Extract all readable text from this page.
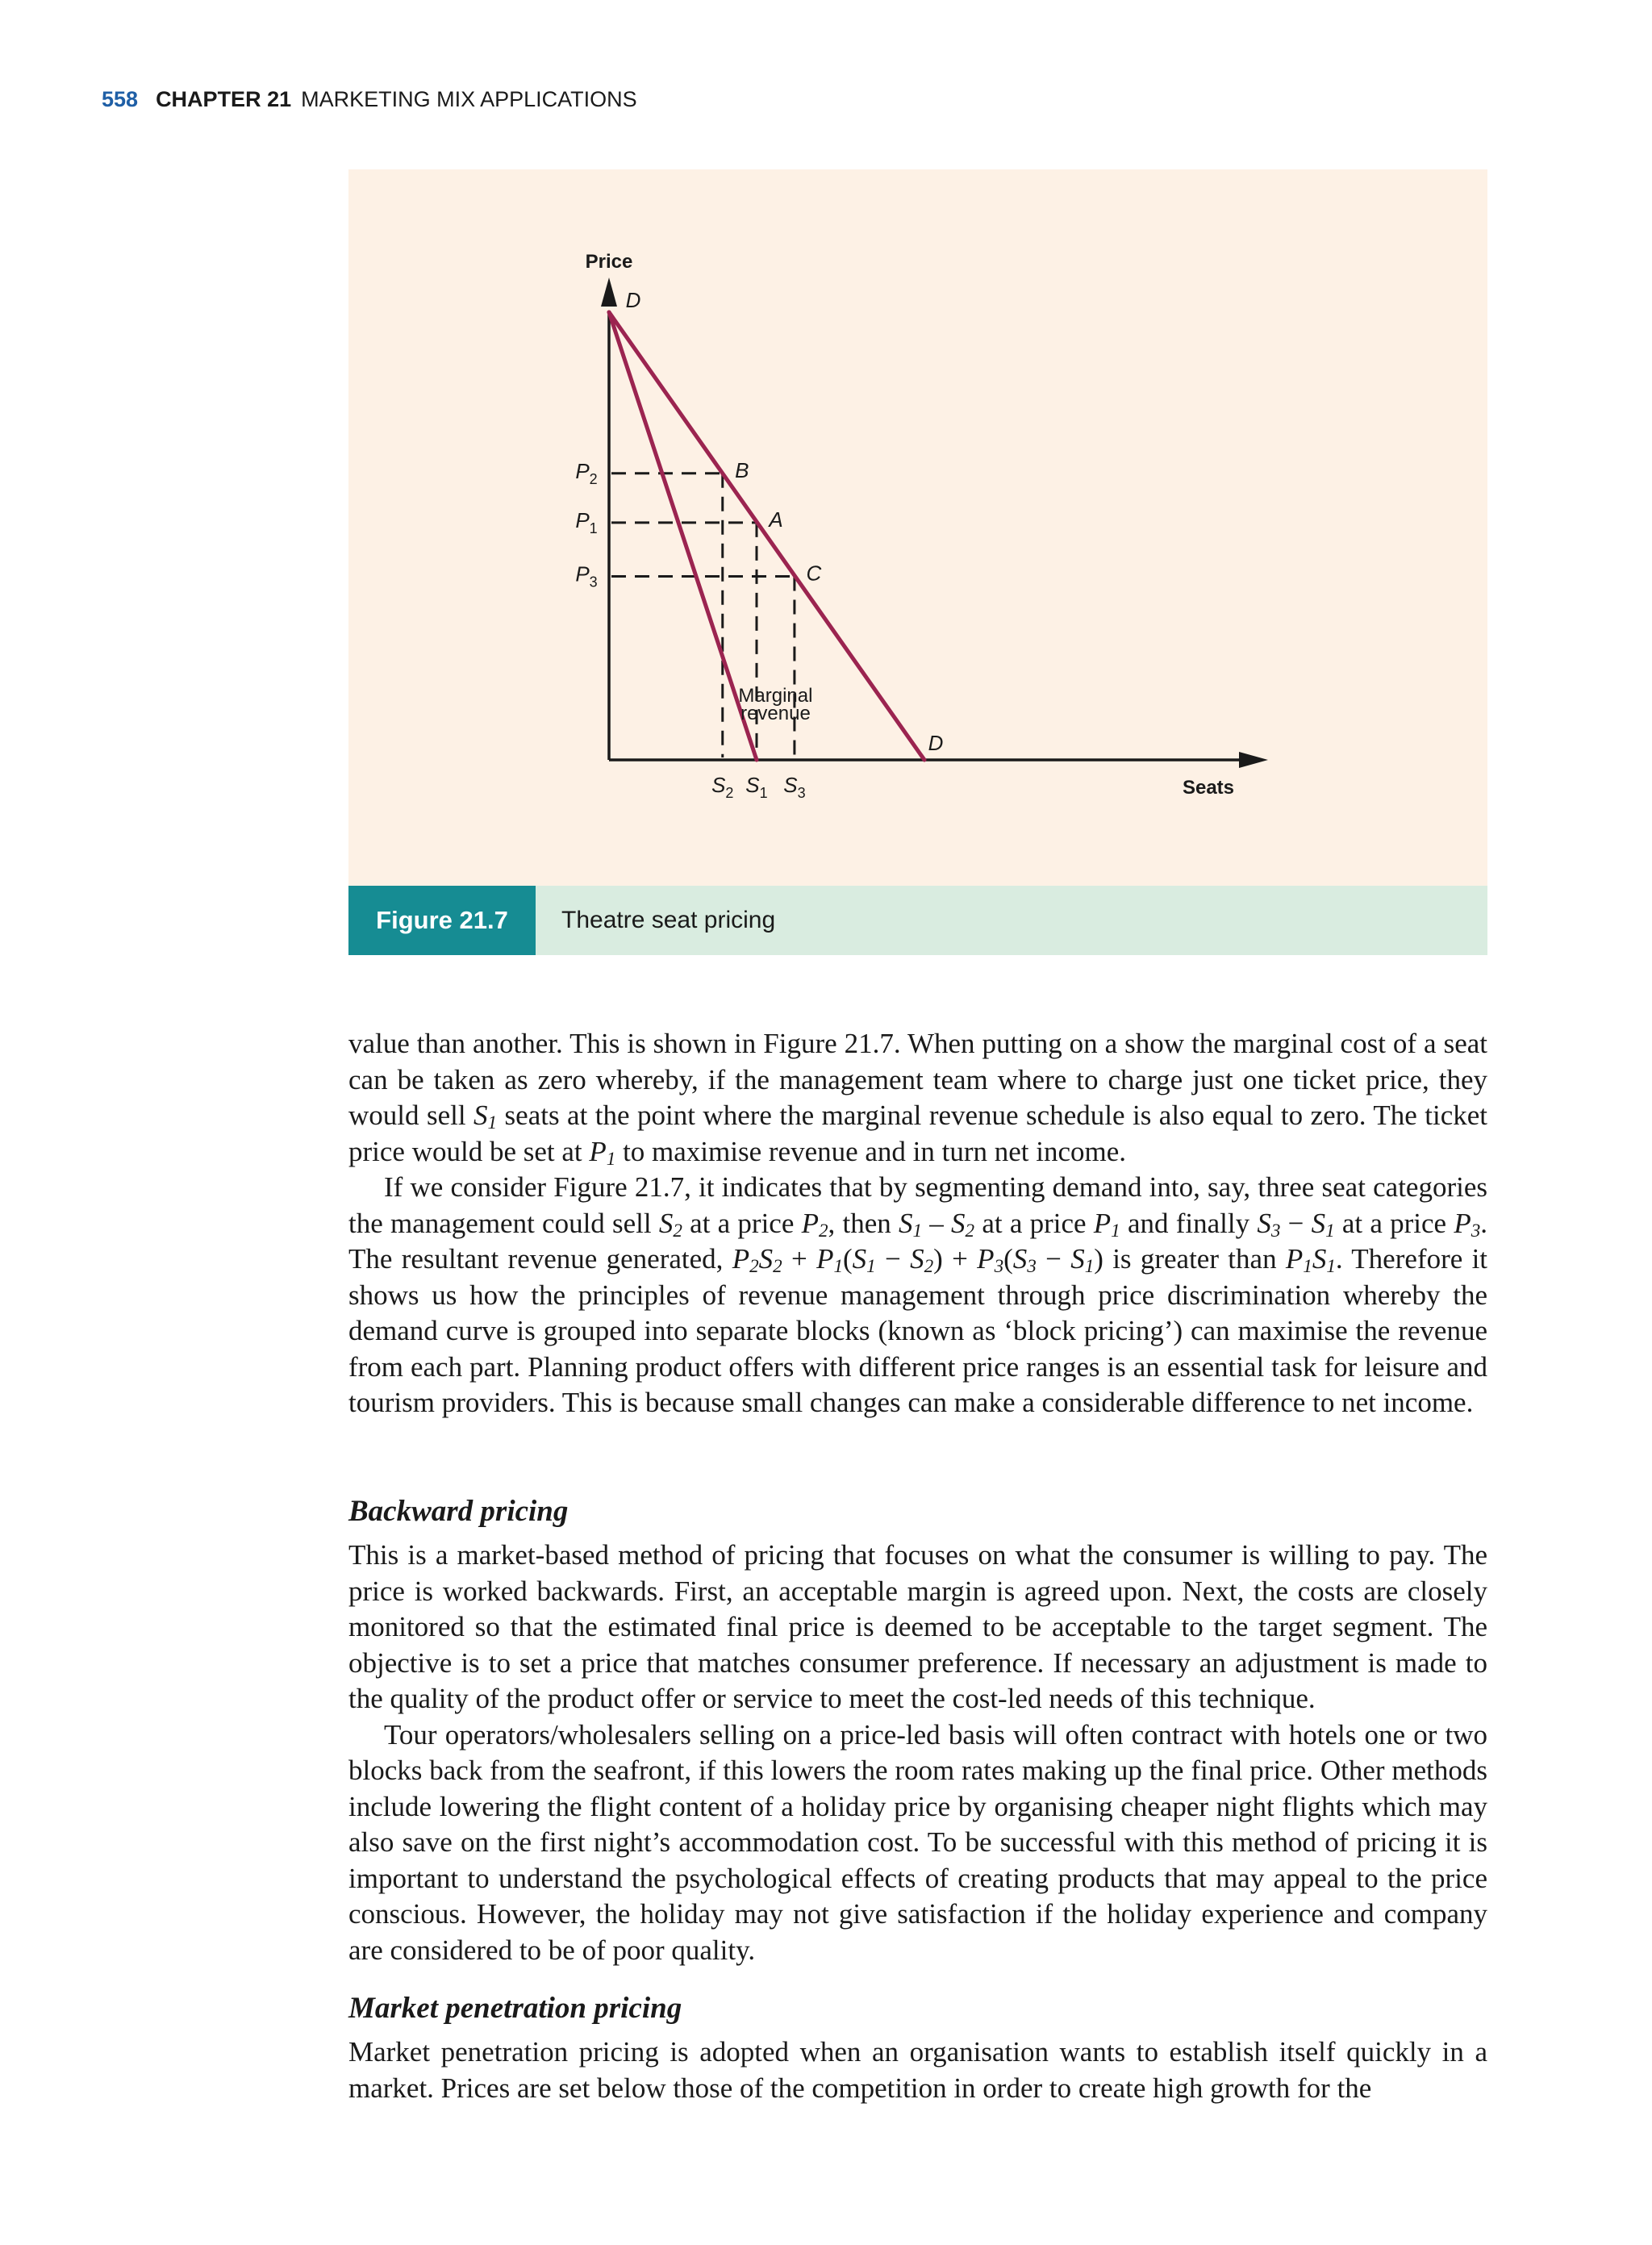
558 CHAPTER 21 MARKETING MIX APPLICATIONS
Price
Seats
D
D
Marginal
revenue
B
$P_2$
$S_2$
A
$P_1$
$S_1$
C
$P_3$
$S_3$
Figure 21.7	Theatre seat pricing

value than another. This is shown in Figure 21.7. When putting on a show the marginal cost of a seat can be taken as zero whereby, if the management team where to charge just one ticket price, they would sell $S_1$ seats at the point where the marginal revenue schedule is also equal to zero. The ticket price would be set at $P_1$ to maximise revenue and in turn net income.

If we consider Figure 21.7, it indicates that by segmenting demand into, say, three seat categories the management could sell $S_2$ at a price $P_2$, then $S_1 - S_2$ at a price $P_1$ and finally $S_3 - S_1$ at a price $P_3$. The resultant revenue generated, $P_2S_2 + P_1(S_1 - S_2) + P_3(S_3 - S_1)$ is greater than $P_1S_1$. Therefore it shows us how the principles of revenue management through price discrimination whereby the demand curve is grouped into separate blocks (known as ‘block pricing’) can maximise the revenue from each part. Planning product offers with different price ranges is an essential task for leisure and tourism providers. This is because small changes can make a considerable difference to net income.

Backward pricing

This is a market-based method of pricing that focuses on what the consumer is willing to pay. The price is worked backwards. First, an acceptable margin is agreed upon. Next, the costs are closely monitored so that the estimated final price is deemed to be acceptable to the target segment. The objective is to set a price that matches consumer preference. If necessary an adjustment is made to the quality of the product offer or service to meet the cost-led needs of this technique.

Tour operators/wholesalers selling on a price-led basis will often contract with hotels one or two blocks back from the seafront, if this lowers the room rates making up the final price. Other methods include lowering the flight content of a holiday price by organising cheaper night flights which may also save on the first night’s accommodation cost. To be successful with this method of pricing it is important to understand the psychological effects of creating products that may appeal to the price conscious. However, the holiday may not give satisfaction if the holiday experience and company are considered to be of poor quality.

Market penetration pricing

Market penetration pricing is adopted when an organisation wants to establish itself quickly in a market. Prices are set below those of the competition in order to create high growth for the
